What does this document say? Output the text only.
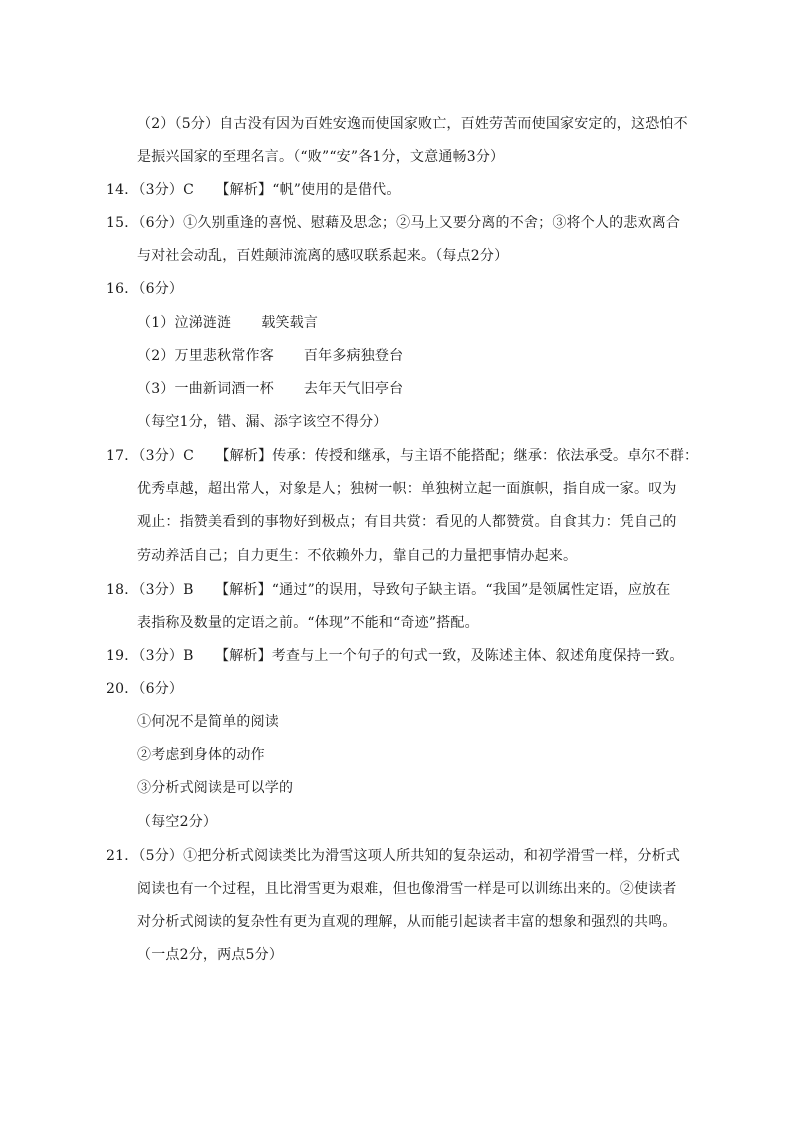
（2）（5分）自古没有因为百姓安逸而使国家败亡，百姓劳苦而使国家安定的，这恐怕不
是振兴国家的至理名言。（“败”“安”各1分，文意通畅3分）
14．（3分）C　　【解析】“帆”使用的是借代。
15．（6分）①久别重逢的喜悦、慰藉及思念；②马上又要分离的不舍；③将个人的悲欢离合
与对社会动乱，百姓颠沛流离的感叹联系起来。（每点2分）
16．（6分）
（1）泣涕涟涟 载笑载言
（2）万里悲秋常作客 百年多病独登台
（3）一曲新词酒一杯 去年天气旧亭台
（每空1分，错、漏、添字该空不得分）
17．（3分）C　　【解析】传承：传授和继承，与主语不能搭配；继承：依法承受。卓尔不群：
优秀卓越，超出常人，对象是人；独树一帜：单独树立起一面旗帜，指自成一家。叹为
观止：指赞美看到的事物好到极点；有目共赏：看见的人都赞赏。自食其力：凭自己的
劳动养活自己；自力更生：不依赖外力，靠自己的力量把事情办起来。
18．（3分）B　　【解析】“通过”的误用，导致句子缺主语。“我国”是领属性定语，应放在
表指称及数量的定语之前。“体现”不能和“奇迹”搭配。
19．（3分）B　　【解析】考查与上一个句子的句式一致，及陈述主体、叙述角度保持一致。
20．（6分）
①何况不是简单的阅读
②考虑到身体的动作
③分析式阅读是可以学的
（每空2分）
21．（5分）①把分析式阅读类比为滑雪这项人所共知的复杂运动，和初学滑雪一样，分析式
阅读也有一个过程，且比滑雪更为艰难，但也像滑雪一样是可以训练出来的。②使读者
对分析式阅读的复杂性有更为直观的理解，从而能引起读者丰富的想象和强烈的共鸣。
（一点2分，两点5分）
